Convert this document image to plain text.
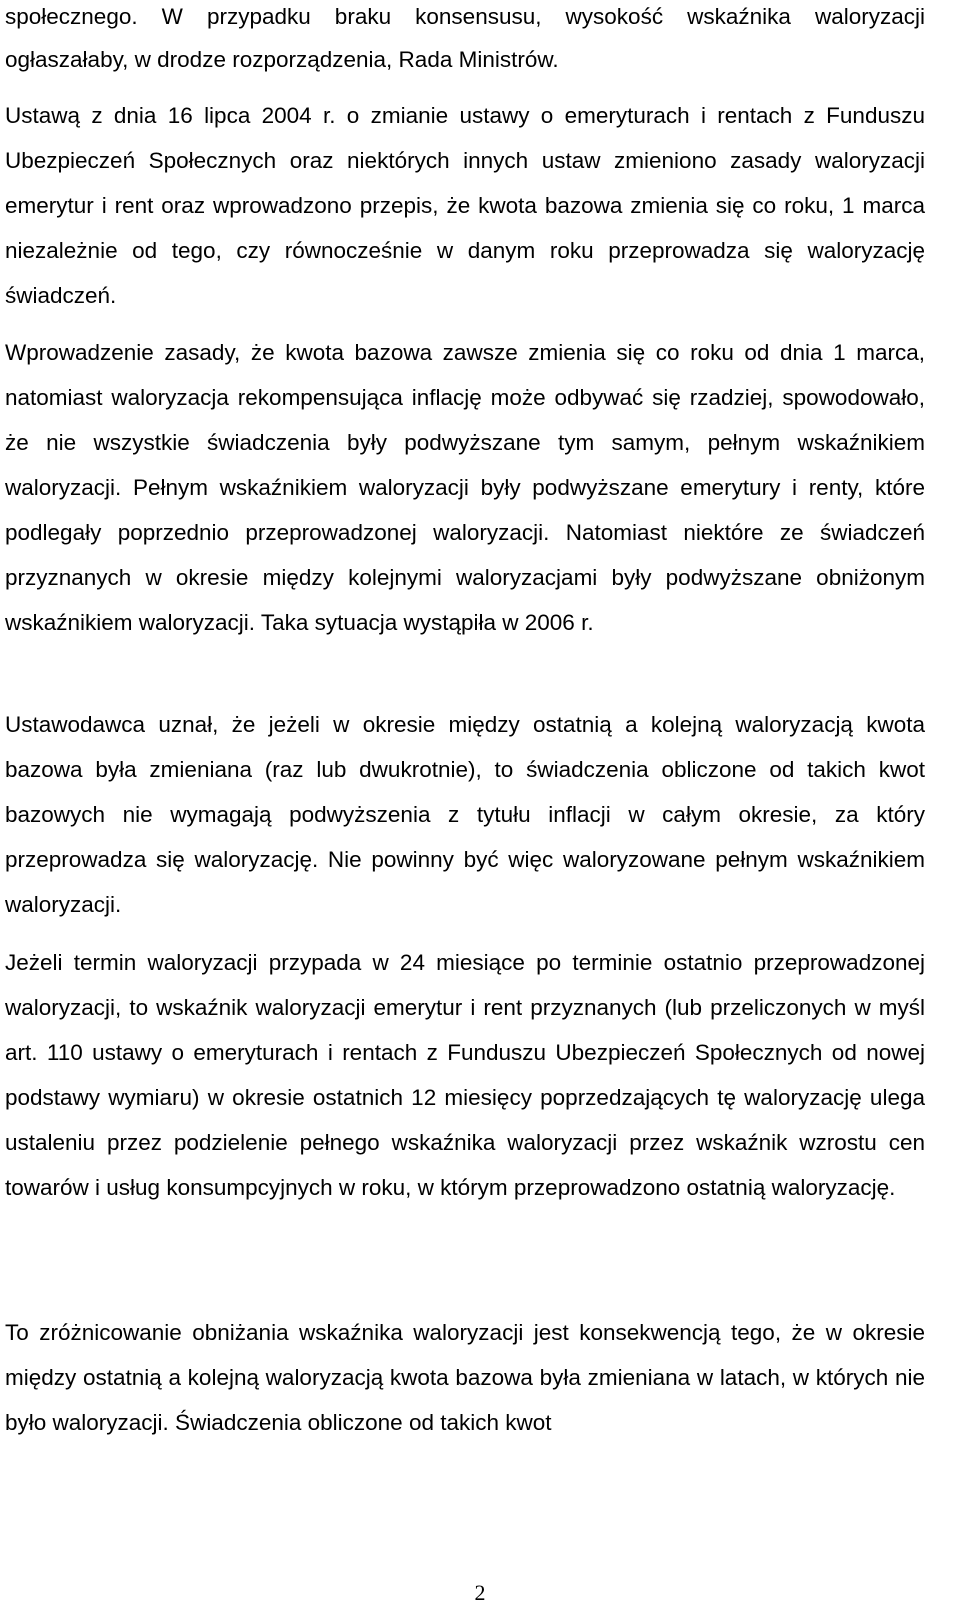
społecznego. W przypadku braku konsensusu, wysokość wskaźnika waloryzacji ogłaszałaby, w drodze rozporządzenia, Rada Ministrów.

Ustawą z dnia 16 lipca 2004 r. o zmianie ustawy o emeryturach i rentach z Funduszu Ubezpieczeń Społecznych oraz niektórych innych ustaw zmieniono zasady waloryzacji emerytur i rent oraz wprowadzono przepis, że kwota bazowa zmienia się co roku, 1 marca niezależnie od tego, czy równocześnie w danym roku przeprowadza się waloryzację świadczeń.

Wprowadzenie zasady, że kwota bazowa zawsze zmienia się co roku od dnia 1 marca, natomiast waloryzacja rekompensująca inflację może odbywać się rzadziej, spowodowało, że nie wszystkie świadczenia były podwyższane tym samym, pełnym wskaźnikiem waloryzacji. Pełnym wskaźnikiem waloryzacji były podwyższane emerytury i renty, które podlegały poprzednio przeprowadzonej waloryzacji. Natomiast niektóre ze świadczeń przyznanych w okresie między kolejnymi waloryzacjami były podwyższane obniżonym wskaźnikiem waloryzacji. Taka sytuacja wystąpiła w 2006 r.

Ustawodawca uznał, że jeżeli w okresie między ostatnią a kolejną waloryzacją kwota bazowa była zmieniana (raz lub dwukrotnie), to świadczenia obliczone od takich kwot bazowych nie wymagają podwyższenia z tytułu inflacji w całym okresie, za który przeprowadza się waloryzację. Nie powinny być więc waloryzowane pełnym wskaźnikiem waloryzacji.

Jeżeli termin waloryzacji przypada w 24 miesiące po terminie ostatnio przeprowadzonej waloryzacji, to wskaźnik waloryzacji emerytur i rent przyznanych (lub przeliczonych w myśl art. 110 ustawy o emeryturach i rentach z Funduszu Ubezpieczeń Społecznych od nowej podstawy wymiaru) w okresie ostatnich 12 miesięcy poprzedzających tę waloryzację ulega ustaleniu przez podzielenie pełnego wskaźnika waloryzacji przez wskaźnik wzrostu cen towarów i usług konsumpcyjnych w roku, w którym przeprowadzono ostatnią waloryzację.

To zróżnicowanie obniżania wskaźnika waloryzacji jest konsekwencją tego, że w okresie między ostatnią a kolejną waloryzacją kwota bazowa była zmieniana w latach, w których nie było waloryzacji. Świadczenia obliczone od takich kwot

2
